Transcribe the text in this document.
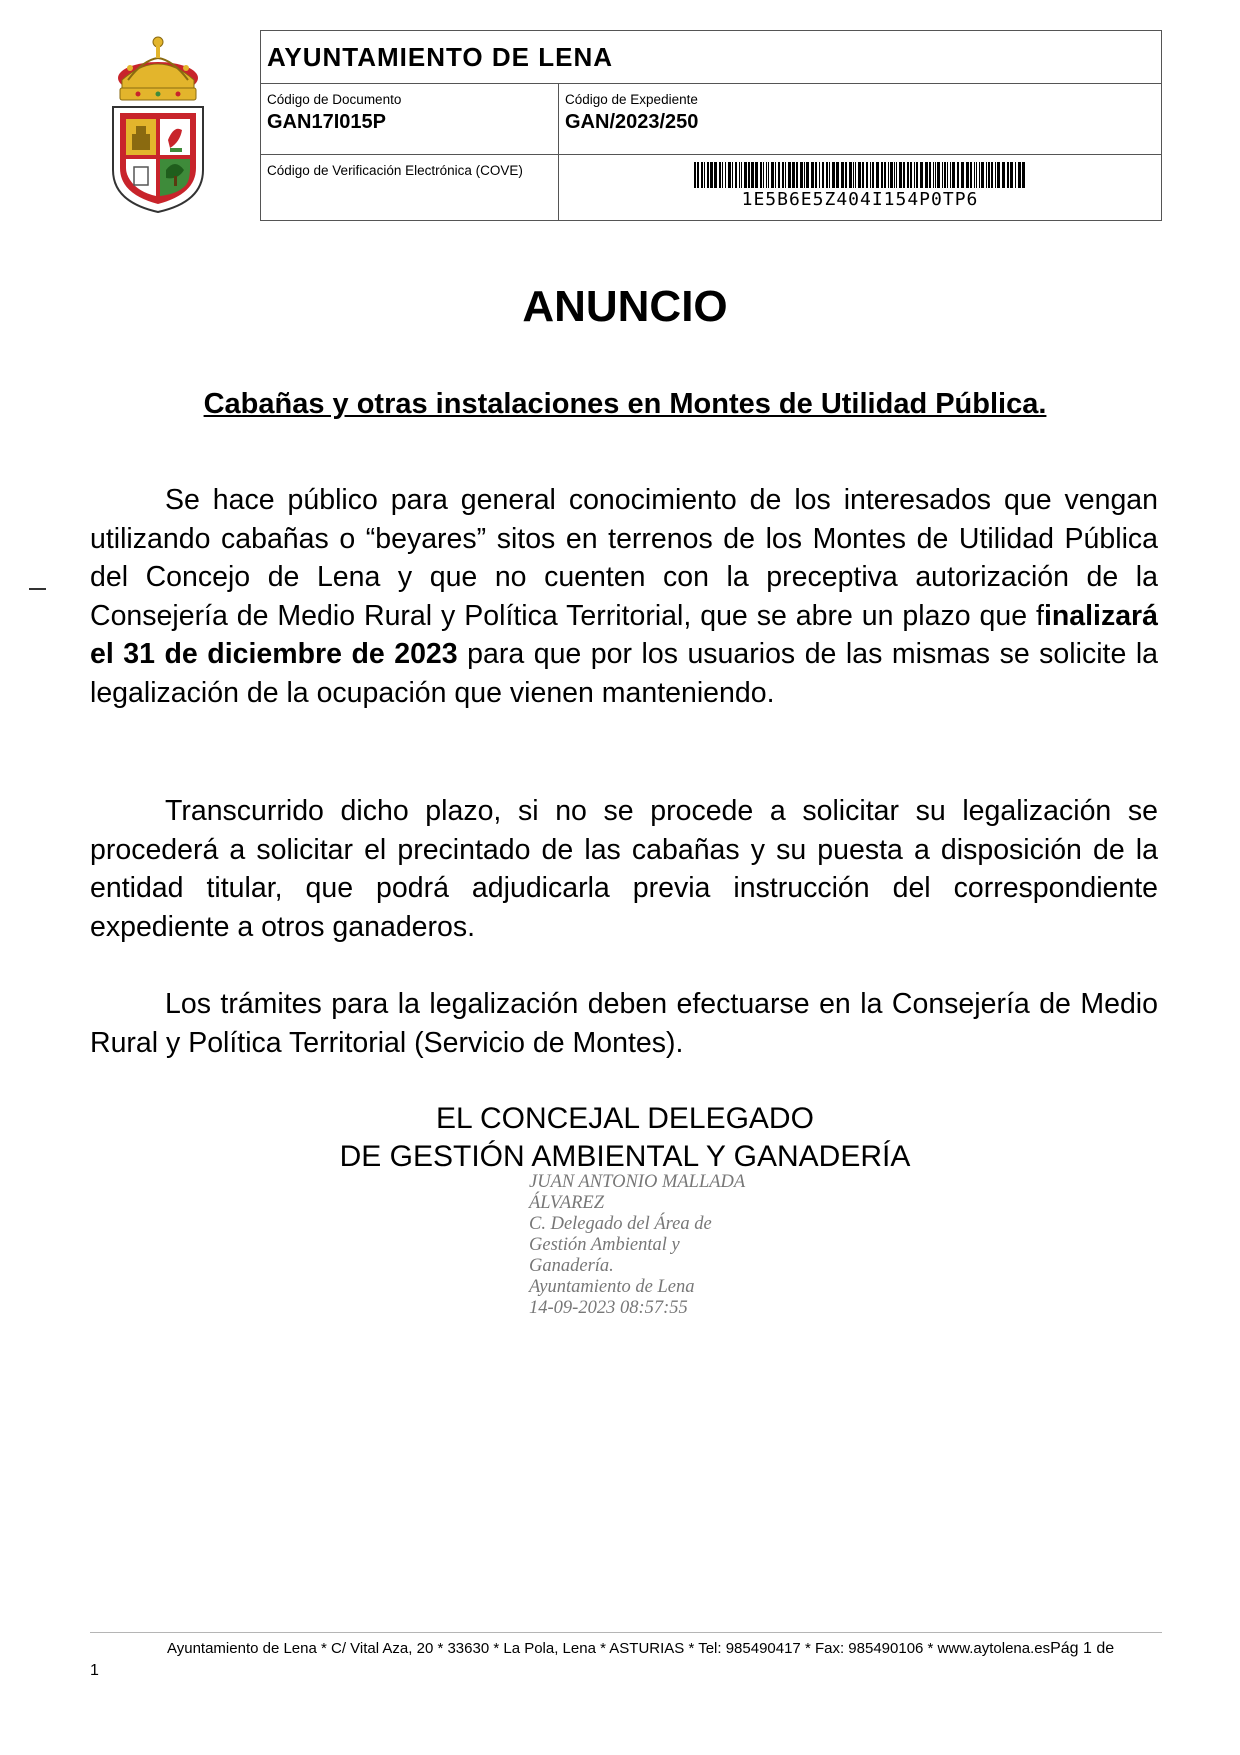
AYUNTAMIENTO DE LENA
Código de Documento
GAN17I015P
Código de Expediente
GAN/2023/250
Código de Verificación Electrónica (COVE)
1E5B6E5Z404I154P0TP6
ANUNCIO
Cabañas y otras instalaciones en Montes de Utilidad Pública.
Se hace público para general conocimiento de los interesados que vengan utilizando cabañas o “beyares” sitos en terrenos de los Montes de Utilidad Pública del Concejo de Lena y que no cuenten con la preceptiva autorización de la Consejería de Medio Rural y Política Territorial, que se abre un plazo que finalizará el 31 de diciembre de 2023 para que por los usuarios de las mismas se solicite la legalización de la ocupación que vienen manteniendo.
Transcurrido dicho plazo, si no se procede a solicitar su legalización se procederá a solicitar el precintado de las cabañas y su puesta a disposición de la entidad titular, que podrá adjudicarla previa instrucción del correspondiente expediente a otros ganaderos.
Los trámites para la legalización deben efectuarse en la Consejería de Medio Rural y Política Territorial (Servicio de Montes).
EL CONCEJAL DELEGADO
DE GESTIÓN AMBIENTAL Y GANADERÍA
JUAN ANTONIO MALLADA
ÁLVAREZ
C. Delegado del Área de
Gestión Ambiental y
Ganadería.
Ayuntamiento de Lena
14-09-2023 08:57:55
Ayuntamiento de Lena * C/ Vital Aza, 20 * 33630 * La Pola, Lena * ASTURIAS * Tel: 985490417 * Fax: 985490106 * www.aytolena.esPág 1 de
1
